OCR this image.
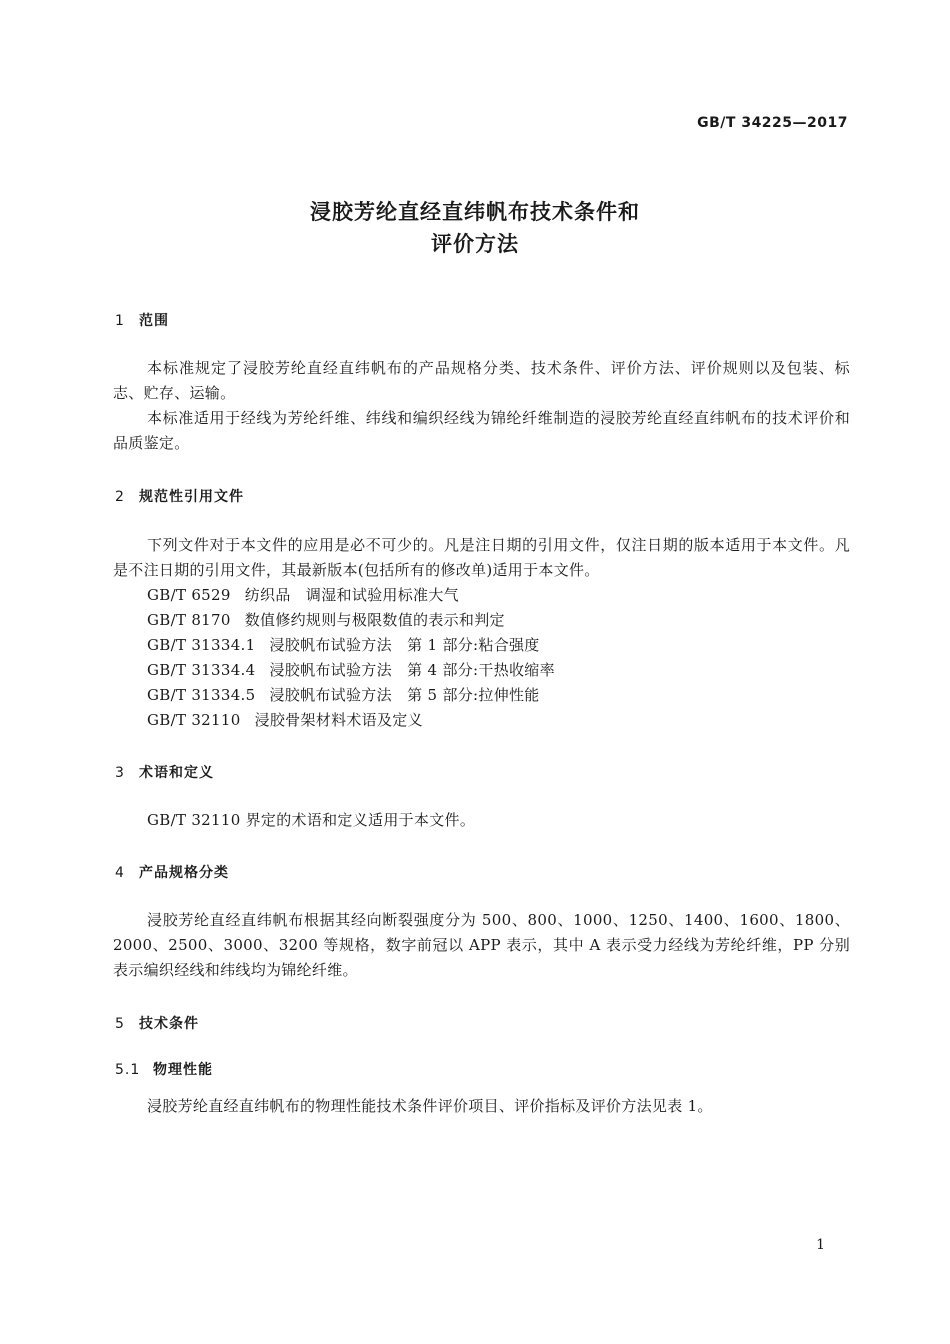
GB/T 34225—2017
浸胶芳纶直经直纬帆布技术条件和
评价方法
1 范围
本标准规定了浸胶芳纶直经直纬帆布的产品规格分类、技术条件、评价方法、评价规则以及包装、标志、贮存、运输。
本标准适用于经线为芳纶纤维、纬线和编织经线为锦纶纤维制造的浸胶芳纶直经直纬帆布的技术评价和品质鉴定。
2 规范性引用文件
下列文件对于本文件的应用是必不可少的。凡是注日期的引用文件，仅注日期的版本适用于本文件。凡是不注日期的引用文件，其最新版本(包括所有的修改单)适用于本文件。
GB/T 6529 纺织品　调湿和试验用标准大气
GB/T 8170 数值修约规则与极限数值的表示和判定
GB/T 31334.1 浸胶帆布试验方法　第 1 部分:粘合强度
GB/T 31334.4 浸胶帆布试验方法　第 4 部分:干热收缩率
GB/T 31334.5 浸胶帆布试验方法　第 5 部分:拉伸性能
GB/T 32110 浸胶骨架材料术语及定义
3 术语和定义
GB/T 32110 界定的术语和定义适用于本文件。
4 产品规格分类
浸胶芳纶直经直纬帆布根据其经向断裂强度分为 500、800、1000、1250、1400、1600、1800、2000、2500、3000、3200 等规格，数字前冠以 APP 表示，其中 A 表示受力经线为芳纶纤维，PP 分别表示编织经线和纬线均为锦纶纤维。
5 技术条件
5.1 物理性能
浸胶芳纶直经直纬帆布的物理性能技术条件评价项目、评价指标及评价方法见表 1。
1
